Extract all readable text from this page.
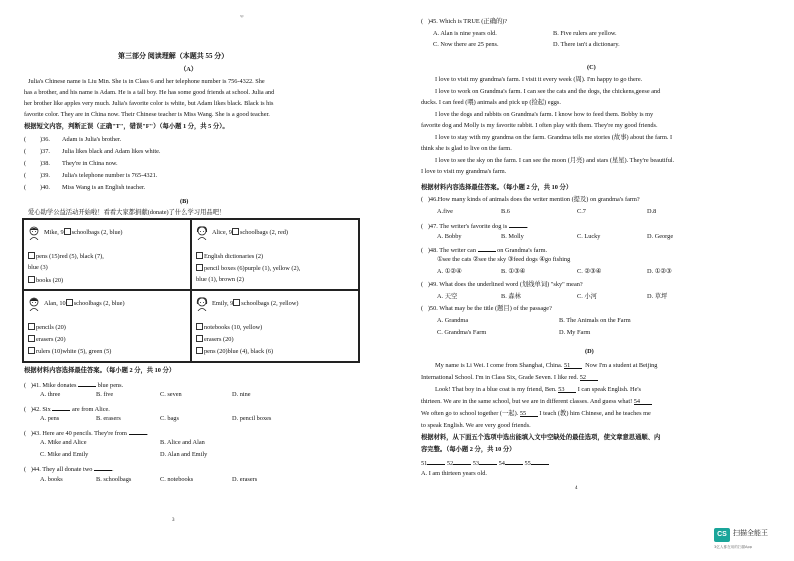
sp
第三部分 阅读理解（本题共 55 分）
（A）
Julia's Chinese name is Liu Min. She is in Class 6 and her telephone number is 756-4322. She
has a brother, and his name is Adam. He is a tall boy. He has some good friends at school. Julia and
her brother like apples very much. Julia's favorite color is white, but Adam likes black. Black is his
favorite color. They are in China now. Their Chinese teacher is Miss Wang. She is a good teacher.
根据短文内容，判断正误（正确"T"，错误"F"）（每小题 1 分，共 5 分）。
( )36. Adam is Julia's brother.
( )37. Julia likes black and Adam likes white.
( )38. They're in China now.
( )39. Julia's telephone number is 765-4321.
( )40. Miss Wang is an English teacher.
(B)
爱心助学公益活动开始啦！看看大家都捐献(donate)了什么学习用品吧！
Mike, 9 schoolbags (2, blue)
pens (15)red (5), black (7),
blue (3)
books (20)
Alice, 9 schoolbags (2, red)
English dictionaries (2)
pencil boxes (6)purple (1), yellow (2),
blue (1), brown (2)
Alan, 10 schoolbags (2, blue)
pencils (20)
erasers (20)
rulers (10)white (5), green (5)
Emily, 9 schoolbags (2, yellow)
notebooks (10, yellow)
erasers (20)
pens (20)blue (4), black (6)
根据材料内容选择最佳答案。（每小题 2 分，共 10 分）
(   )41. Mike donates	blue pens.
A. three	B. five	C. seven	D. nine
(   )42. Six	are from Alice.
A. pens	B. erasers	C. bags	D. pencil boxes
(   )43. Here are 40 pencils. They're from	.
A. Mike and Alice	B. Alice and Alan
C. Mike and Emily	D. Alan and Emily
(   )44. They all donate two	.
A. books	B. schoolbags	C. notebooks	D. erasers
3
( )45. Which is TRUE (正确的)?
A. Alan is nine years old.	B. Five rulers are yellow.
C. Now there are 25 pens.	D. There isn't a dictionary.
(C)
I love to visit my grandma's farm. I visit it every week (周). I'm happy to go there.
I love to work on Grandma's farm. I can see the cats and the dogs, the chickens,geese and
ducks. I can feed (喂) animals and pick up (捡起) eggs.
I love the dogs and rabbits on Grandma's farm. I know how to feed them. Bobby is my
favorite dog and Molly is my favorite rabbit. I often play with them. They're my good friends.
I love to stay with my grandma on the farm. Grandma tells me stories (故事) about the farm. I
think she is glad to live on the farm.
I love to see the sky on the farm. I can see the moon (月亮) and stars (星星). They're beautiful.
I love to visit my grandma's farm.
根据材料内容选择最佳答案。（每小题 2 分，共 10 分）
(   )46.How many kinds of animals does the writer mention (提及) on grandma's farm?
A.five	B.6	C.7	D.8
(   )47. The writer's favorite dog is	.
A. Bobby	B. Molly	C. Lucky	D. George
(   )48. The writer can	on Grandma's farm.
①see the cats ②see the sky ③feed dogs ④go fishing
A. ①②④	B. ①③④	C. ②③④	D. ①②③
(   )49. What does the underlined word (划线单词) "sky" mean?
A. 天空	B. 森林	C. 小河	D. 草坪
(   )50. What may be the title (题目) of the passage?
A. Grandma	B. The Animals on the Farm
C. Grandma's Farm	D. My Farm
(D)
My name is Li Wei. I come from Shanghai, China. 51 Now I'm a student at Beijing
International School. I'm in Class Six, Grade Seven. I like red. 52
Look! That boy in a blue coat is my friend, Ben. 53 I can speak English. He's
thirteen. We are in the same school, but we are in different classes. And guess what! 54
We often go to school together (一起). 55 I teach (教) him Chinese, and he teaches me
to speak English. We are very good friends.
根据材料，从下面五个选项中选出能填入文中空缺处的最佳选项，使文章意思通顺、内
容完整。（每小题 2 分，共 10 分）
51	52	53	54	55
A. I am thirteen years old.
4
CS 扫描全能王
3亿人都在用的扫描App
